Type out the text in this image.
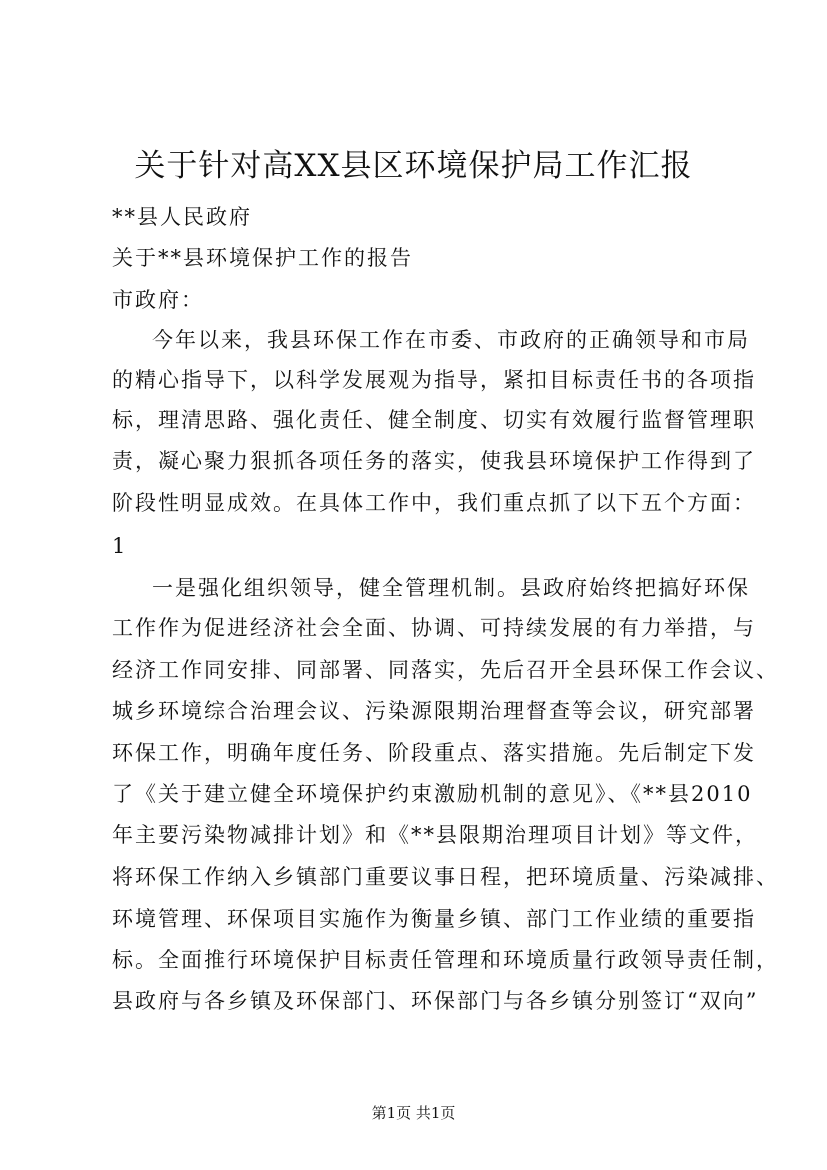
关于针对高XX县区环境保护局工作汇报
**县人民政府
关于**县环境保护工作的报告
市政府：
今年以来，我县环保工作在市委、市政府的正确领导和市局
的精心指导下，以科学发展观为指导，紧扣目标责任书的各项指
标，理清思路、强化责任、健全制度、切实有效履行监督管理职
责，凝心聚力狠抓各项任务的落实，使我县环境保护工作得到了
阶段性明显成效。在具体工作中，我们重点抓了以下五个方面：
1
一是强化组织领导，健全管理机制。县政府始终把搞好环保
工作作为促进经济社会全面、协调、可持续发展的有力举措，与
经济工作同安排、同部署、同落实，先后召开全县环保工作会议、
城乡环境综合治理会议、污染源限期治理督查等会议，研究部署
环保工作，明确年度任务、阶段重点、落实措施。先后制定下发
了《关于建立健全环境保护约束激励机制的意见》、《**县2010
年主要污染物减排计划》和《**县限期治理项目计划》等文件，
将环保工作纳入乡镇部门重要议事日程，把环境质量、污染减排、
环境管理、环保项目实施作为衡量乡镇、部门工作业绩的重要指
标。全面推行环境保护目标责任管理和环境质量行政领导责任制，
县政府与各乡镇及环保部门、环保部门与各乡镇分别签订“双向”
第1页 共1页
